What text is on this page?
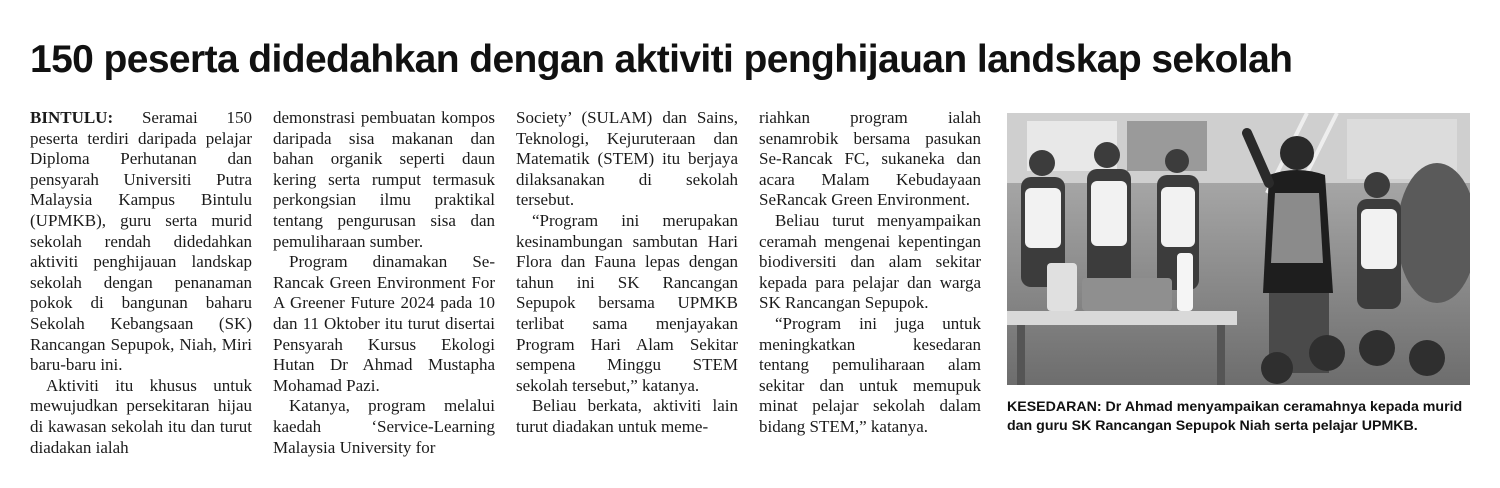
150 peserta didedahkan dengan aktiviti penghijauan landskap sekolah

BINTULU: Seramai 150 peserta terdiri daripada pelajar Diploma Perhutanan dan pensyarah Universiti Putra Malaysia Kampus Bintulu (UPMKB), guru serta murid sekolah rendah didedahkan aktiviti penghijauan landskap sekolah dengan penanaman pokok di bangunan baharu Sekolah Kebangsaan (SK) Rancangan Sepupok, Niah, Miri baru-baru ini.

Aktiviti itu khusus untuk mewujudkan persekitaran hijau di kawasan sekolah itu dan turut diadakan ialah

demonstrasi pembuatan kompos daripada sisa makanan dan bahan organik seperti daun kering serta rumput termasuk perkongsian ilmu praktikal tentang pengurusan sisa dan pemuliharaan sumber.

Program dinamakan Se-Rancak Green Environment For A Greener Future 2024 pada 10 dan 11 Oktober itu turut disertai Pensyarah Kursus Ekologi Hutan Dr Ahmad Mustapha Mohamad Pazi.

Katanya, program melalui kaedah ‘Service-Learning Malaysia University for

Society’ (SULAM) dan Sains, Teknologi, Kejuruteraan dan Matematik (STEM) itu berjaya dilaksanakan di sekolah tersebut.

“Program ini merupakan kesinambungan sambutan Hari Flora dan Fauna lepas dengan tahun ini SK Rancangan Sepupok bersama UPMKB terlibat sama menjayakan Program Hari Alam Sekitar sempena Minggu STEM sekolah tersebut,” katanya.

Beliau berkata, aktiviti lain turut diadakan untuk meme-

riahkan program ialah senamrobik bersama pasukan Se-Rancak FC, sukaneka dan acara Malam Kebudayaan SeRancak Green Environment.

Beliau turut menyampaikan ceramah mengenai kepentingan biodiversiti dan alam sekitar kepada para pelajar dan warga SK Rancangan Sepupok.

“Program ini juga untuk meningkatkan kesedaran tentang pemuliharaan alam sekitar dan untuk memupuk minat pelajar sekolah dalam bidang STEM,” katanya.

KESEDARAN: Dr Ahmad menyampaikan ceramahnya kepada murid dan guru SK Rancangan Sepupok Niah serta pelajar UPMKB.
